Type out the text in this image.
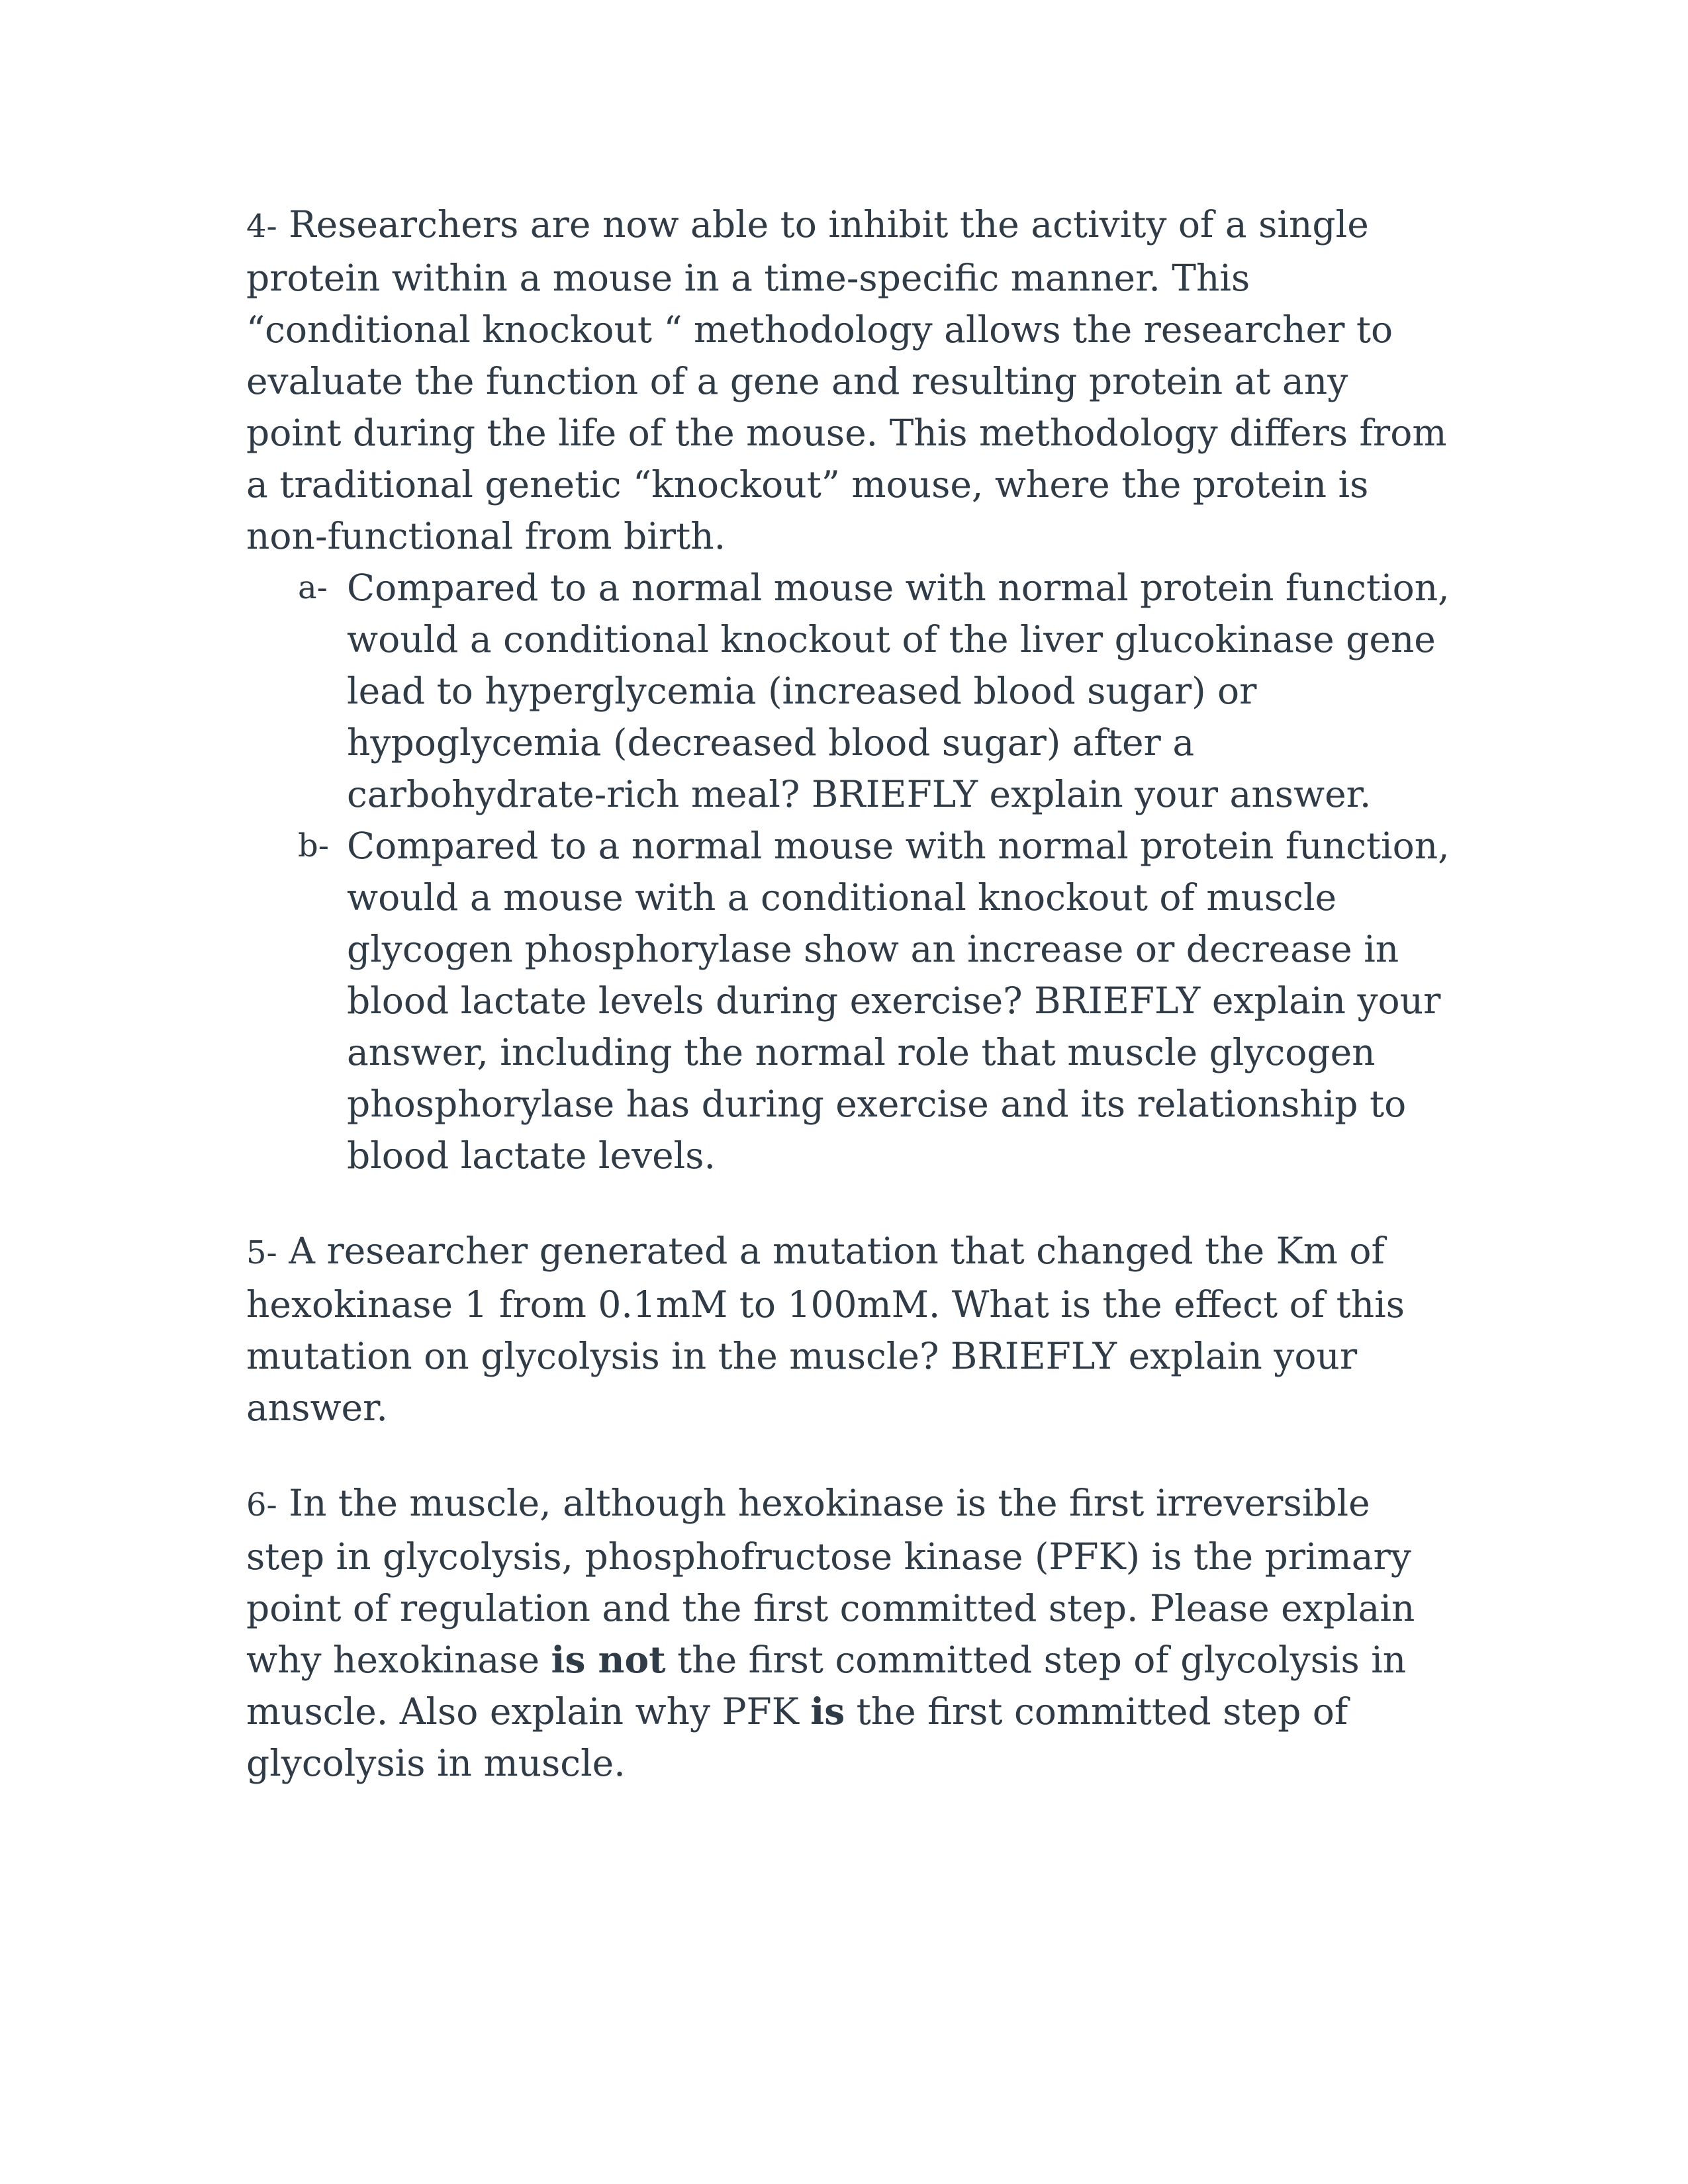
4- Researchers are now able to inhibit the activity of a single protein within a mouse in a time-specific manner. This “conditional knockout “ methodology allows the researcher to evaluate the function of a gene and resulting protein at any point during the life of the mouse. This methodology differs from a traditional genetic “knockout” mouse, where the protein is non-functional from birth.

a- Compared to a normal mouse with normal protein function, would a conditional knockout of the liver glucokinase gene lead to hyperglycemia (increased blood sugar) or hypoglycemia (decreased blood sugar) after a carbohydrate-rich meal? BRIEFLY explain your answer.

b- Compared to a normal mouse with normal protein function, would a mouse with a conditional knockout of muscle glycogen phosphorylase show an increase or decrease in blood lactate levels during exercise? BRIEFLY explain your answer, including the normal role that muscle glycogen phosphorylase has during exercise and its relationship to blood lactate levels.

5- A researcher generated a mutation that changed the Km of hexokinase 1 from 0.1mM to 100mM. What is the effect of this mutation on glycolysis in the muscle? BRIEFLY explain your answer.

6- In the muscle, although hexokinase is the first irreversible step in glycolysis, phosphofructose kinase (PFK) is the primary point of regulation and the first committed step. Please explain why hexokinase is not the first committed step of glycolysis in muscle. Also explain why PFK is the first committed step of glycolysis in muscle.
